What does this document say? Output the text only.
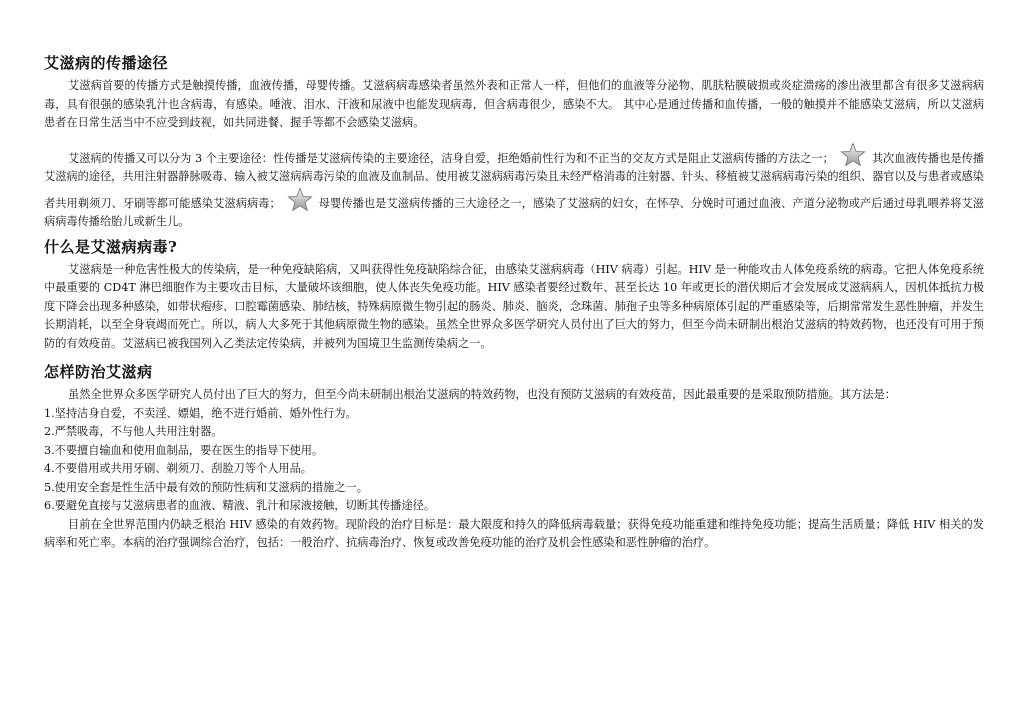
艾滋病的传播途径

艾滋病首要的传播方式是触摸传播，血液传播，母婴传播。艾滋病病毒感染者虽然外表和正常人一样，但他们的血液等分泌物、肌肤粘膜破损或炎症溃疡的渗出液里都含有很多艾滋病病毒，具有很强的感染乳汁也含病毒，有感染。唾液、泪水、汗液和尿液中也能发现病毒，但含病毒很少，感染不大。 其中心是通过传播和血传播，一般的触摸并不能感染艾滋病，所以艾滋病患者在日常生活当中不应受到歧视，如共同进餐、握手等都不会感染艾滋病。

艾滋病的传播又可以分为 3 个主要途径：性传播是艾滋病传染的主要途径，洁身自爱，拒绝婚前性行为和不正当的交友方式是阻止艾滋病传播的方法之一；	其次血液传播也是传播艾滋病的途径，共用注射器静脉吸毒、输入被艾滋病病毒污染的血液及血制品、使用被艾滋病病毒污染且未经严格消毒的注射器、针头、移植被艾滋病病毒污染的组织、器官以及与患者或感染者共用剃须刀、牙刷等都可能感染艾滋病病毒；	母婴传播也是艾滋病传播的三大途径之一，感染了艾滋病的妇女，在怀孕、分娩时可通过血液、产道分泌物或产后通过母乳喂养将艾滋病病毒传播给胎儿或新生儿。

什么是艾滋病病毒?

艾滋病是一种危害性极大的传染病，是一种免疫缺陷病，又叫获得性免疫缺陷综合征，由感染艾滋病病毒（HIV 病毒）引起。HIV 是一种能攻击人体免疫系统的病毒。它把人体免疫系统中最重要的 CD4T 淋巴细胞作为主要攻击目标，大量破坏该细胞，使人体丧失免疫功能。HIV 感染者要经过数年、甚至长达 10 年或更长的潜伏期后才会发展成艾滋病病人，因机体抵抗力极度下降会出现多种感染，如带状疱疹、口腔霉菌感染、肺结核，特殊病原微生物引起的肠炎、肺炎、脑炎，念珠菌、肺孢子虫等多种病原体引起的严重感染等，后期常常发生恶性肿瘤，并发生长期消耗，以至全身衰竭而死亡。所以，病人大多死于其他病原微生物的感染。虽然全世界众多医学研究人员付出了巨大的努力，但至今尚未研制出根治艾滋病的特效药物，也还没有可用于预防的有效疫苗。艾滋病已被我国列入乙类法定传染病，并被列为国境卫生监测传染病之一。

怎样防治艾滋病

虽然全世界众多医学研究人员付出了巨大的努力，但至今尚未研制出根治艾滋病的特效药物，也没有预防艾滋病的有效疫苗，因此最重要的是采取预防措施。其方法是：

1.坚持洁身自爱，不卖淫、嫖娼，绝不进行婚前、婚外性行为。
2.严禁吸毒，不与他人共用注射器。
3.不要擅自输血和使用血制品，要在医生的指导下使用。
4.不要借用或共用牙刷、剃须刀、刮脸刀等个人用品。
5.使用安全套是性生活中最有效的预防性病和艾滋病的措施之一。
6.要避免直接与艾滋病患者的血液、精液、乳汁和尿液接触，切断其传播途径。

目前在全世界范围内仍缺乏根治 HIV 感染的有效药物。现阶段的治疗目标是：最大限度和持久的降低病毒载量；获得免疫功能重建和维持免疫功能；提高生活质量；降低 HIV 相关的发病率和死亡率。本病的治疗强调综合治疗，包括：一般治疗、抗病毒治疗、恢复或改善免疫功能的治疗及机会性感染和恶性肿瘤的治疗。
